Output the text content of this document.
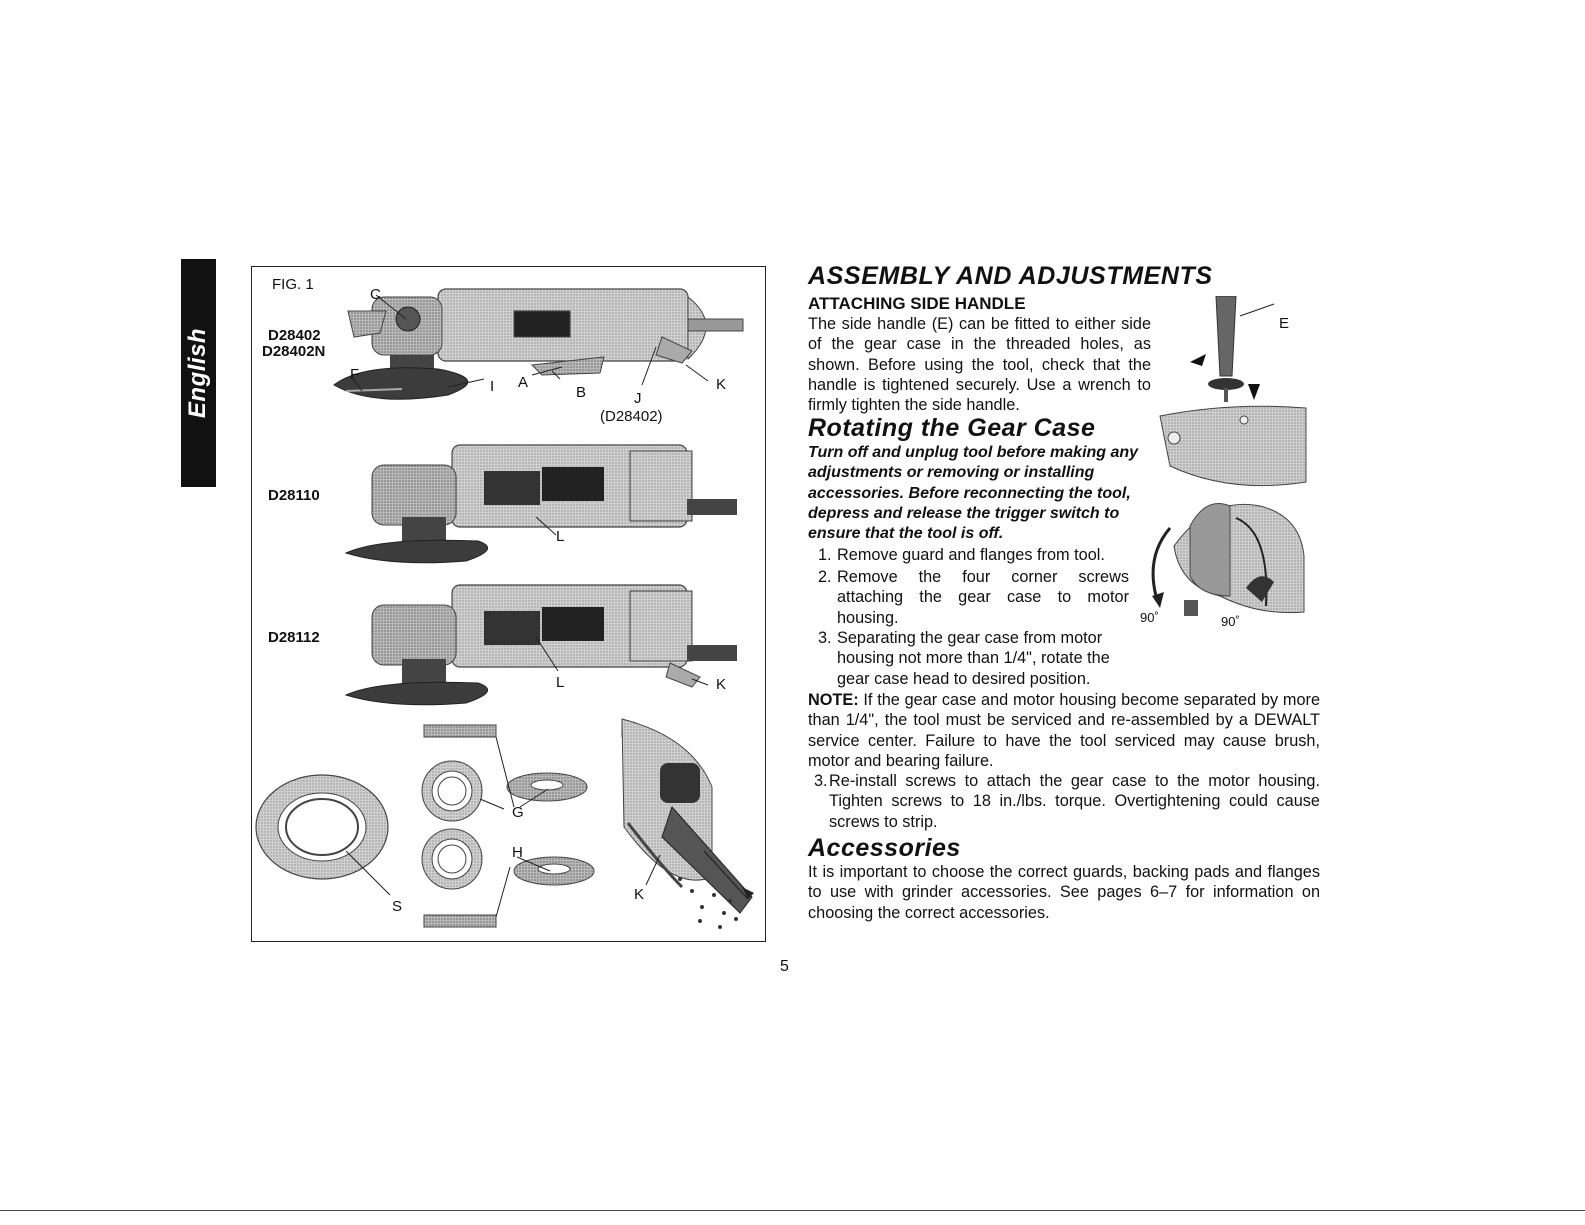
English
FIG. 1
D28402
D28402N
D28110
D28112
C
F
I A
B	J
(D28402)
K
L
L	K
G
H
S
K
ASSEMBLY AND ADJUSTMENTS
ATTACHING SIDE HANDLE

The side handle (E) can be fitted to either side of the gear case in the threaded holes, as shown. Before using the tool, check that the handle is tightened securely. Use a wrench to firmly tighten the side handle.

E
90˚	90˚
Rotating the Gear Case

Turn off and unplug tool before making any adjustments or removing or installing accessories. Before reconnecting the tool, depress and release the trigger switch to ensure that the tool is off.

1. Remove guard and flanges from tool.
2. Remove the four corner screws attaching the gear case to motor housing.
3. Separating the gear case from motor housing not more than 1/4", rotate the gear case head to desired position.

NOTE: If the gear case and motor housing become separated by more than 1/4", the tool must be serviced and re-assembled by a DEWALT service center. Failure to have the tool serviced may cause brush, motor and bearing failure.

3. Re-install screws to attach the gear case to the motor housing. Tighten screws to 18 in./lbs. torque. Overtightening could cause screws to strip.
Accessories

It is important to choose the correct guards, backing pads and flanges to use with grinder accessories. See pages 6–7 for information on choosing the correct accessories.

5
